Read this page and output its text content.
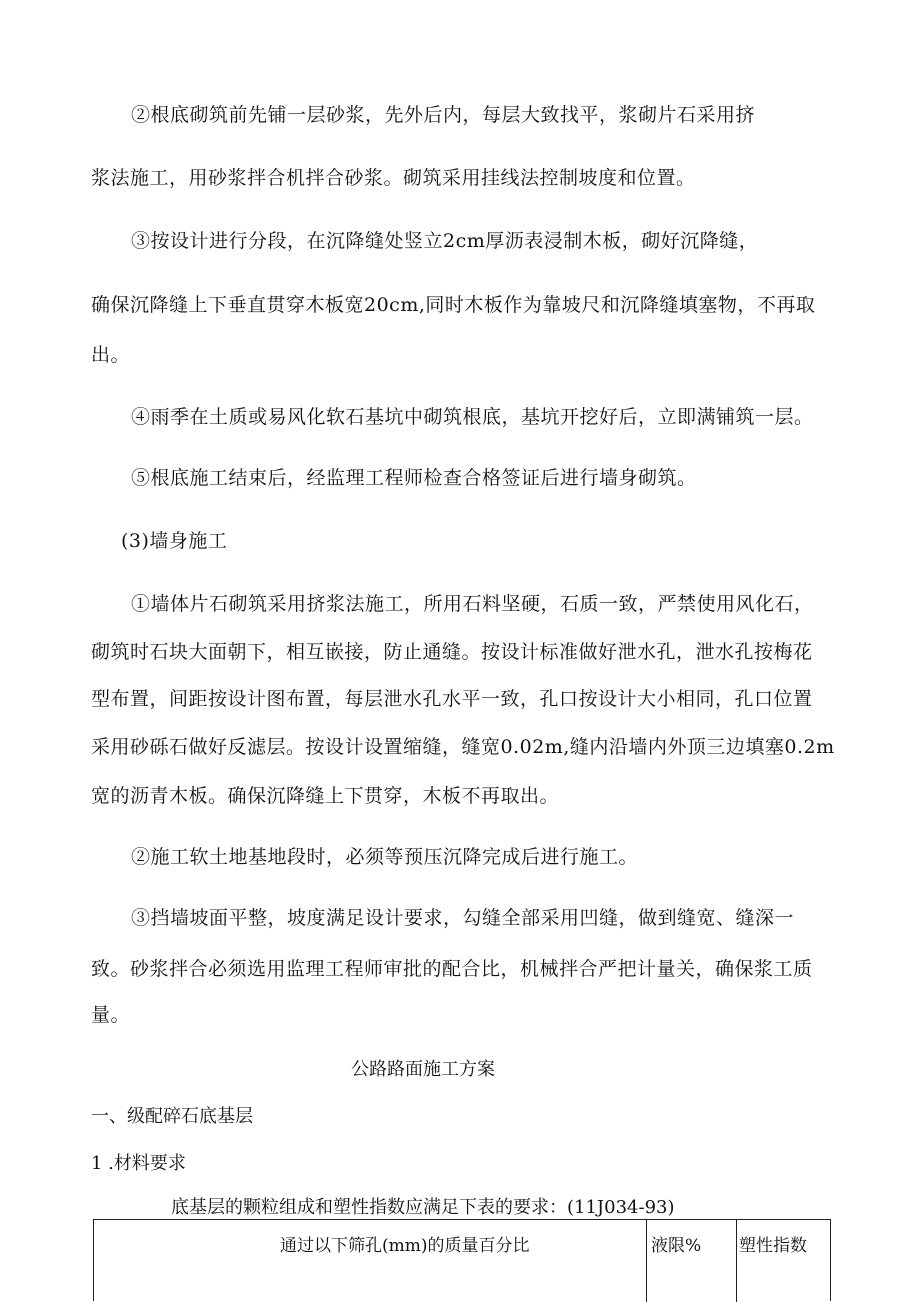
②根底砌筑前先铺一层砂浆，先外后内，每层大致找平，浆砌片石采用挤
浆法施工，用砂浆拌合机拌合砂浆。砌筑采用挂线法控制坡度和位置。
③按设计进行分段，在沉降缝处竖立2cm厚沥表浸制木板，砌好沉降缝，
确保沉降缝上下垂直贯穿木板宽20cm,同时木板作为靠坡尺和沉降缝填塞物，不再取
出。
④雨季在土质或易风化软石基坑中砌筑根底，基坑开挖好后，立即满铺筑一层。
⑤根底施工结束后，经监理工程师检查合格签证后进行墙身砌筑。
(3)墙身施工
①墙体片石砌筑采用挤浆法施工，所用石料坚硬，石质一致，严禁使用风化石，
砌筑时石块大面朝下，相互嵌接，防止通缝。按设计标准做好泄水孔，泄水孔按梅花
型布置，间距按设计图布置，每层泄水孔水平一致，孔口按设计大小相同，孔口位置
采用砂砾石做好反滤层。按设计设置缩缝，缝宽0.02m,缝内沿墙内外顶三边填塞0.2m
宽的沥青木板。确保沉降缝上下贯穿，木板不再取出。
②施工软土地基地段时，必须等预压沉降完成后进行施工。
③挡墙坡面平整，坡度满足设计要求，勾缝全部采用凹缝，做到缝宽、缝深一
致。砂浆拌合必须选用监理工程师审批的配合比，机械拌合严把计量关，确保浆工质
量。
公路路面施工方案
一、级配碎石底基层
1 .材料要求
底基层的颗粒组成和塑性指数应满足下表的要求：(11J034-93)
通过以下筛孔(mm)的质量百分比	液限% 塑性指数
